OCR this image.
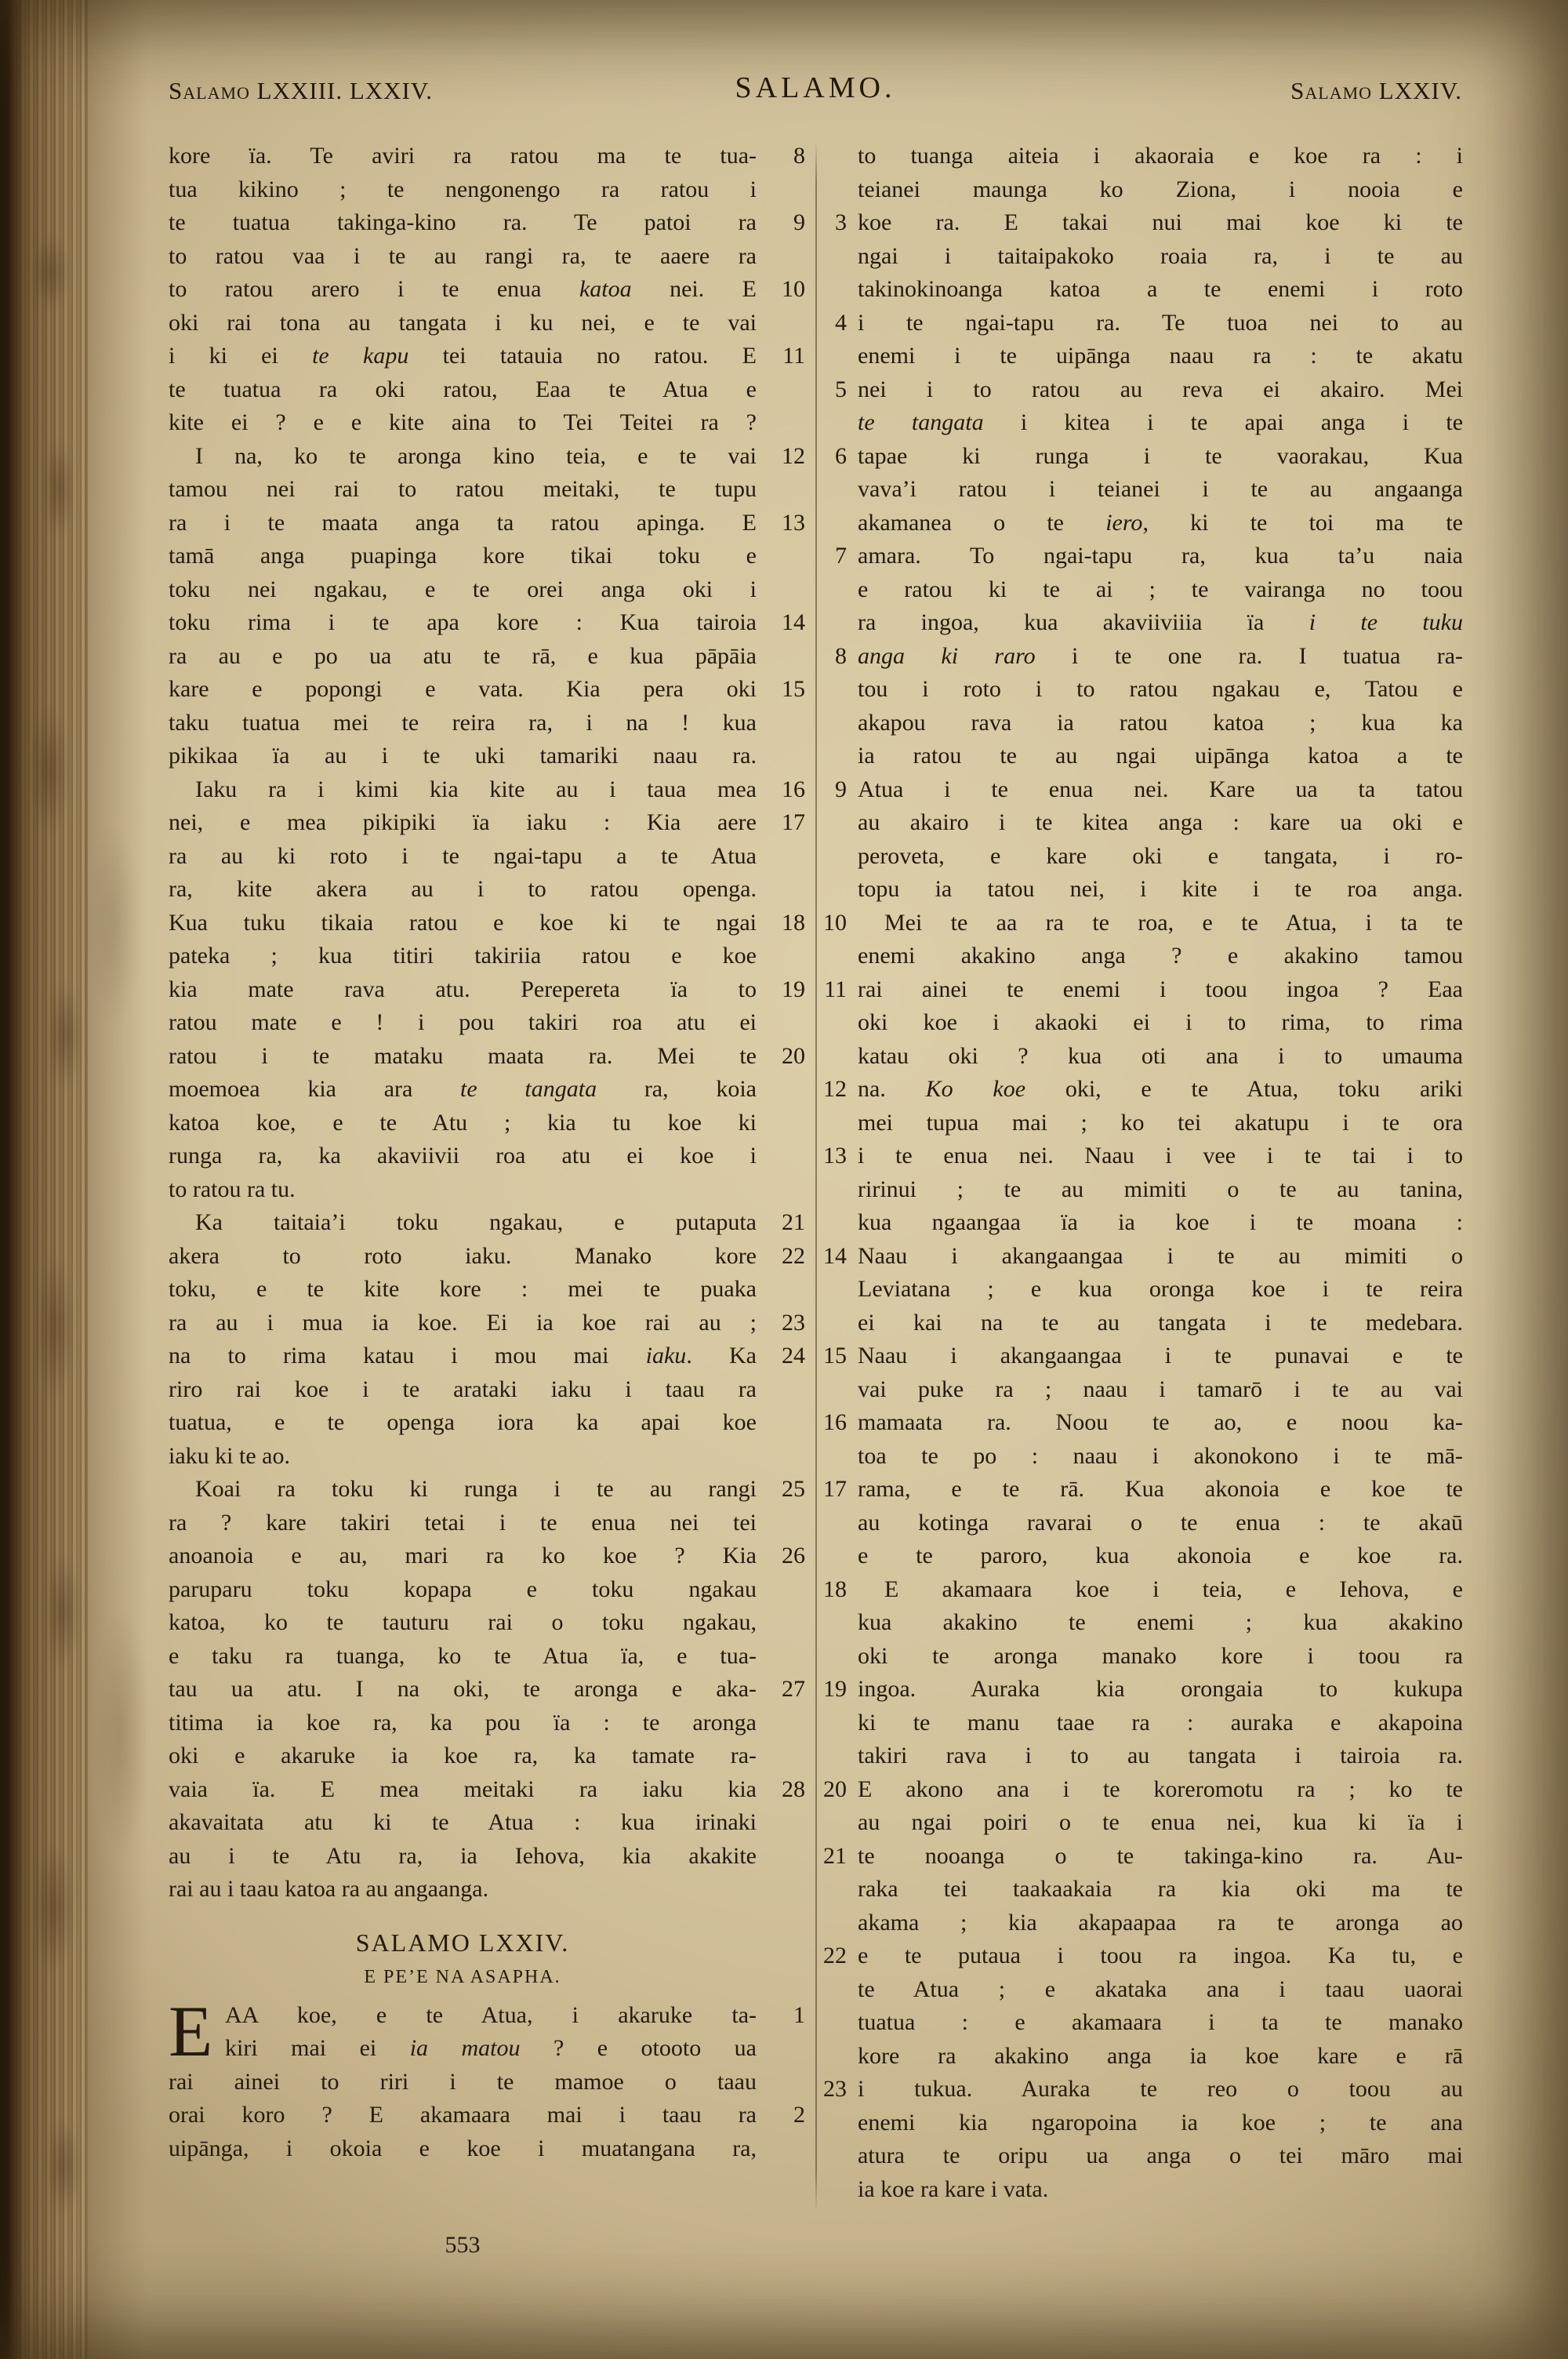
Salamo LXXIII. LXXIV.	SALAMO.	Salamo LXXIV.
kore ïa. Te aviri ra ratou ma te tua-	8
tua kikino ; te nengonengo ra ratou i
te tuatua takinga-kino ra. Te patoi ra	9
to ratou vaa i te au rangi ra, te aaere ra
to ratou arero i te enua katoa nei. E	10
oki rai tona au tangata i ku nei, e te vai
i ki ei te kapu tei tatauia no ratou. E	11
te tuatua ra oki ratou, Eaa te Atua e
kite ei ? e e kite aina to Tei Teitei ra ?
I na, ko te aronga kino teia, e te vai	12
tamou nei rai to ratou meitaki, te tupu
ra i te maata anga ta ratou apinga. E	13
tamā anga puapinga kore tikai toku e
toku nei ngakau, e te orei anga oki i
toku rima i te apa kore : Kua tairoia	14
ra au e po ua atu te rā, e kua pāpāia
kare e popongi e vata. Kia pera oki	15
taku tuatua mei te reira ra, i na ! kua
pikikaa ïa au i te uki tamariki naau ra.
Iaku ra i kimi kia kite au i taua mea	16
nei, e mea pikipiki ïa iaku : Kia aere	17
ra au ki roto i te ngai-tapu a te Atua
ra, kite akera au i to ratou openga.
Kua tuku tikaia ratou e koe ki te ngai	18
pateka ; kua titiri takiriia ratou e koe
kia mate rava atu. Perepereta ïa to	19
ratou mate e ! i pou takiri roa atu ei
ratou i te mataku maata ra. Mei te	20
moemoea kia ara te tangata ra, koia
katoa koe, e te Atu ; kia tu koe ki
runga ra, ka akaviivii roa atu ei koe i
to ratou ra tu.
Ka taitaia’i toku ngakau, e putaputa	21
akera to roto iaku. Manako kore	22
toku, e te kite kore : mei te puaka
ra au i mua ia koe. Ei ia koe rai au ;	23
na to rima katau i mou mai iaku. Ka	24
riro rai koe i te arataki iaku i taau ra
tuatua, e te openga iora ka apai koe
iaku ki te ao.
Koai ra toku ki runga i te au rangi	25
ra ? kare takiri tetai i te enua nei tei
anoanoia e au, mari ra ko koe ? Kia	26
paruparu toku kopapa e toku ngakau
katoa, ko te tauturu rai o toku ngakau,
e taku ra tuanga, ko te Atua ïa, e tua-
tau ua atu. I na oki, te aronga e aka-	27
titima ia koe ra, ka pou ïa : te aronga
oki e akaruke ia koe ra, ka tamate ra-
vaia ïa. E mea meitaki ra iaku kia	28
akavaitata atu ki te Atua : kua irinaki
au i te Atu ra, ia Iehova, kia akakite
rai au i taau katoa ra au angaanga.
SALAMO LXXIV.
E PE’E NA ASAPHA.
E AA koe, e te Atua, i akaruke ta-	1
kiri mai ei ia matou ? e otooto ua
rai ainei to riri i te mamoe o taau
orai koro ? E akamaara mai i taau ra	2
uipānga, i okoia e koe i muatangana ra,
to tuanga aiteia i akaoraia e koe ra : i
teianei maunga ko Ziona, i nooia e
3 koe ra. E takai nui mai koe ki te
ngai i taitaipakoko roaia ra, i te au
takinokinoanga katoa a te enemi i roto
4 i te ngai-tapu ra. Te tuoa nei to au
enemi i te uipānga naau ra : te akatu
5 nei i to ratou au reva ei akairo. Mei
te tangata i kitea i te apai anga i te
6 tapae ki runga i te vaorakau, Kua
vava’i ratou i teianei i te au angaanga
akamanea o te iero, ki te toi ma te
7 amara. To ngai-tapu ra, kua ta’u naia
e ratou ki te ai ; te vairanga no toou
ra ingoa, kua akaviiviiia ïa i te tuku
8 anga ki raro i te one ra. I tuatua ra-
tou i roto i to ratou ngakau e, Tatou e
akapou rava ia ratou katoa ; kua ka
ia ratou te au ngai uipānga katoa a te
9 Atua i te enua nei. Kare ua ta tatou
au akairo i te kitea anga : kare ua oki e
peroveta, e kare oki e tangata, i ro-
topu ia tatou nei, i kite i te roa anga.
10	Mei te aa ra te roa, e te Atua, i ta te
enemi akakino anga ? e akakino tamou
11 rai ainei te enemi i toou ingoa ? Eaa
oki koe i akaoki ei i to rima, to rima
katau oki ? kua oti ana i to umauma
12 na. Ko koe oki, e te Atua, toku ariki
mei tupua mai ; ko tei akatupu i te ora
13 i te enua nei. Naau i vee i te tai i to
ririnui ; te au mimiti o te au tanina,
kua ngaangaa ïa ia koe i te moana :
14 Naau i akangaangaa i te au mimiti o
Leviatana ; e kua oronga koe i te reira
ei kai na te au tangata i te medebara.
15 Naau i akangaangaa i te punavai e te
vai puke ra ; naau i tamarō i te au vai
16 mamaata ra. Noou te ao, e noou ka-
toa te po : naau i akonokono i te mā-
17 rama, e te rā. Kua akonoia e koe te
au kotinga ravarai o te enua : te akaū
e te paroro, kua akonoia e koe ra.
18	E akamaara koe i teia, e Iehova, e
kua akakino te enemi ; kua akakino
oki te aronga manako kore i toou ra
19 ingoa. Auraka kia orongaia to kukupa
ki te manu taae ra : auraka e akapoina
takiri rava i to au tangata i tairoia ra.
20 E akono ana i te koreromotu ra ; ko te
au ngai poiri o te enua nei, kua ki ïa i
21 te nooanga o te takinga-kino ra. Au-
raka tei taakaakaia ra kia oki ma te
akama ; kia akapaapaa ra te aronga ao
22 e te putaua i toou ra ingoa. Ka tu, e
te Atua ; e akataka ana i taau uaorai
tuatua : e akamaara i ta te manako
kore ra akakino anga ia koe kare e rā
23 i tukua. Auraka te reo o toou au
enemi kia ngaropoina ia koe ; te ana
atura te oripu ua anga o tei māro mai
ia koe ra kare i vata.
553
